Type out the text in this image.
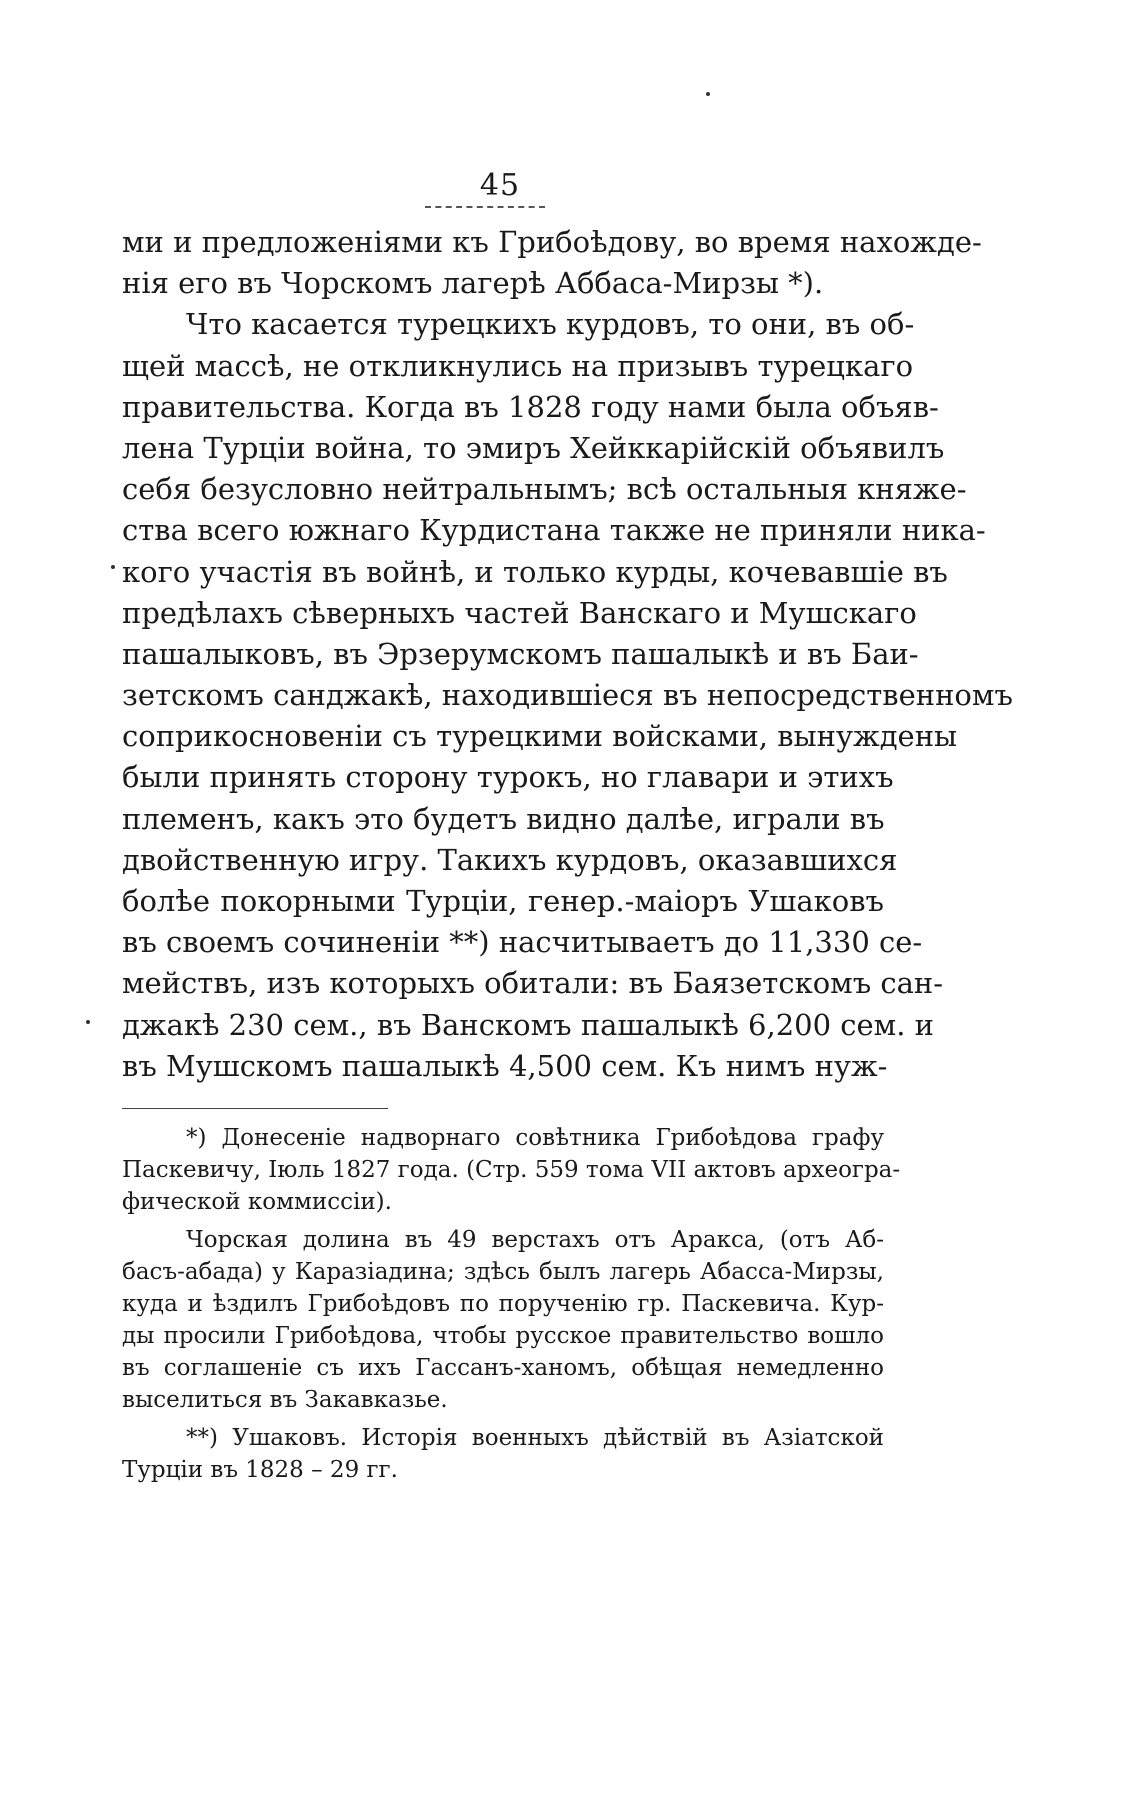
45
ми и предложеніями къ Грибоѣдову, во время нахожде-
нія его въ Чорскомъ лагерѣ Аббаса-Мирзы *).
Что касается турецкихъ курдовъ, то они, въ об-
щей массѣ, не откликнулись на призывъ турецкаго
правительства. Когда въ 1828 году нами была объяв-
лена Турціи война, то эмиръ Хейккарійскій объявилъ
себя безусловно нейтральнымъ; всѣ остальныя княже-
ства всего южнаго Курдистана также не приняли никa-
кого участія въ войнѣ, и только курды, кочевавшіе въ
предѣлахъ сѣверныхъ частей Ванскаго и Мушскаго
пашалыковъ, въ Эрзерумскомъ пашалыкѣ и въ Баи-
зетскомъ санджакѣ, находившіеся въ непосредственномъ
соприкосновеніи съ турецкими войсками, вынуждены
были принять сторону турокъ, но главари и этихъ
племенъ, какъ это будетъ видно далѣе, играли въ
двойственную игру. Такихъ курдовъ, оказавшихся
болѣе покорными Турціи, генер.-маіоръ Ушаковъ
въ своемъ сочиненіи **) насчитываетъ до 11,330 се-
мействъ, изъ которыхъ обитали: въ Баязетскомъ сан-
джакѣ 230 сем., въ Ванскомъ пашалыкѣ 6,200 сем. и
въ Мушскомъ пашалыкѣ 4,500 сем. Къ нимъ нуж-
*) Донесеніе надворнаго совѣтника Грибоѣдова графу
Паскевичу, Іюль 1827 года. (Стр. 559 тома VII актовъ археогра-
фической коммиссіи).
Чорская долина въ 49 верстахъ отъ Аракса, (отъ Аб-
басъ-абада) у Каразіадина; здѣсь былъ лагерь Абасса-Мирзы,
куда и ѣздилъ Грибоѣдовъ по порученію гр. Паскевича. Кур-
ды просили Грибоѣдова, чтобы русское правительство вошло
въ соглашеніе съ ихъ Гассанъ-ханомъ, обѣщая немедленно
выселиться въ Закавказье.
**) Ушаковъ. Исторія военныхъ дѣйствій въ Азіатской
Турціи въ 1828 – 29 гг.
